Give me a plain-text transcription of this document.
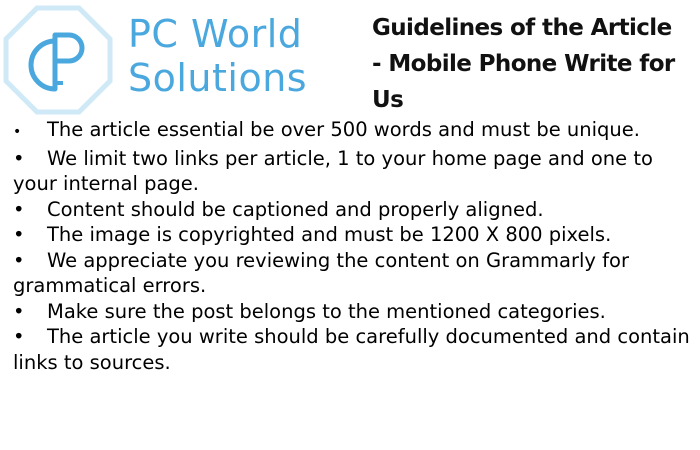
PC World
Solutions
Guidelines of the Article
- Mobile Phone Write for
Us
• The article essential be over 500 words and must be unique.
• We limit two links per article, 1 to your home page and one to your internal page.
• Content should be captioned and properly aligned.
• The image is copyrighted and must be 1200 X 800 pixels.
• We appreciate you reviewing the content on Grammarly for grammatical errors.
• Make sure the post belongs to the mentioned categories.
• The article you write should be carefully documented and contain links to sources.
